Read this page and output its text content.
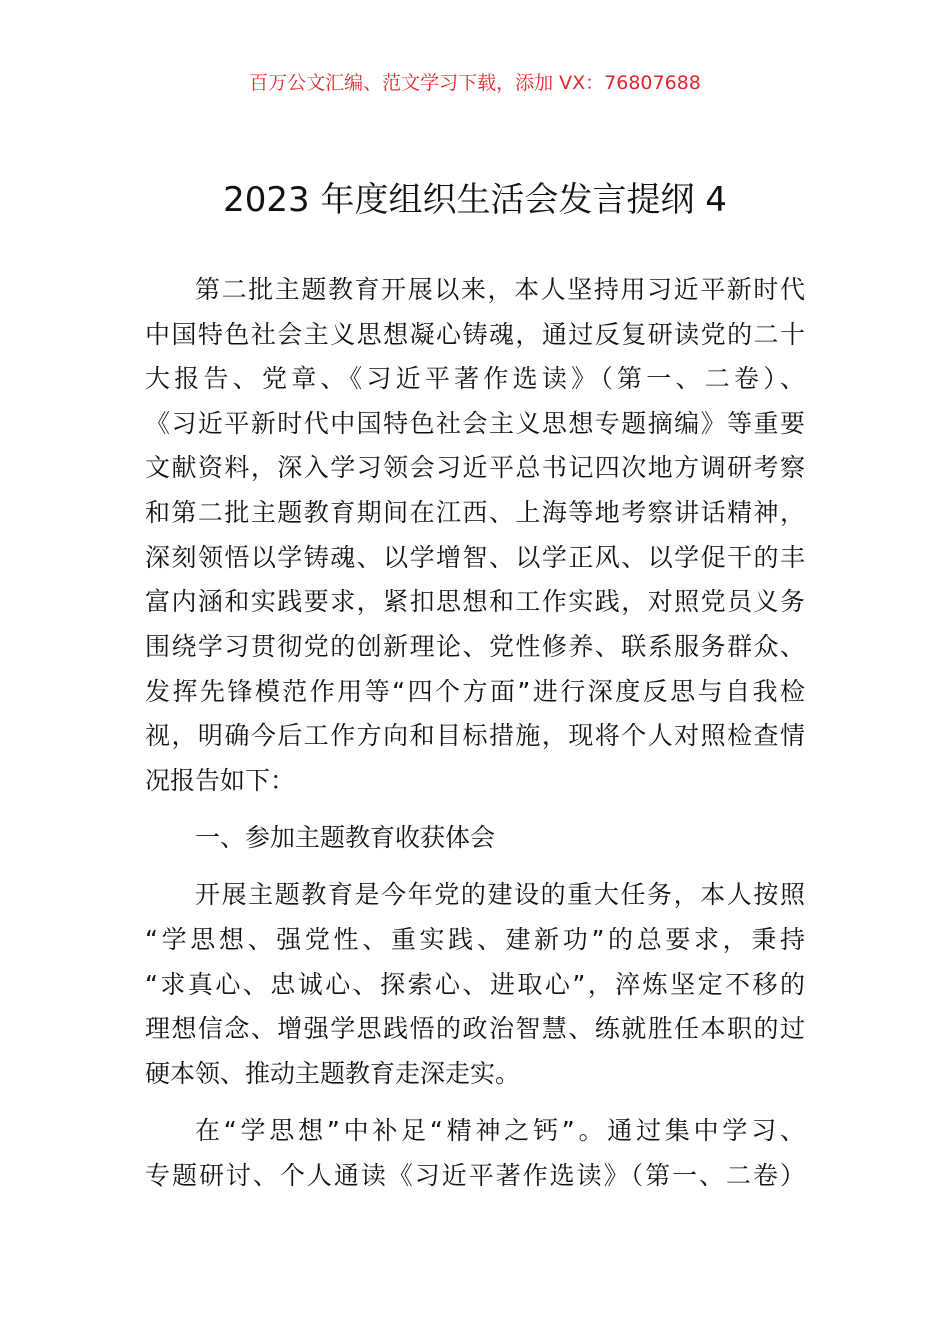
百万公文汇编、范文学习下载，添加 VX：76807688
2023 年度组织生活会发言提纲 4
第二批主题教育开展以来，本人坚持用习近平新时代
中国特色社会主义思想凝心铸魂，通过反复研读党的二十
大报告、党章、《习近平著作选读》（第一、二卷）、
《习近平新时代中国特色社会主义思想专题摘编》等重要
文献资料，深入学习领会习近平总书记四次地方调研考察
和第二批主题教育期间在江西、上海等地考察讲话精神，
深刻领悟以学铸魂、以学增智、以学正风、以学促干的丰
富内涵和实践要求，紧扣思想和工作实践，对照党员义务
围绕学习贯彻党的创新理论、党性修养、联系服务群众、
发挥先锋模范作用等“四个方面”进行深度反思与自我检
视，明确今后工作方向和目标措施，现将个人对照检查情
况报告如下：
一、参加主题教育收获体会
开展主题教育是今年党的建设的重大任务，本人按照
“学思想、强党性、重实践、建新功”的总要求，秉持
“求真心、忠诚心、探索心、进取心”，淬炼坚定不移的
理想信念、增强学思践悟的政治智慧、练就胜任本职的过
硬本领、推动主题教育走深走实。
在“学思想”中补足“精神之钙”。通过集中学习、
专题研讨、个人通读《习近平著作选读》（第一、二卷）
